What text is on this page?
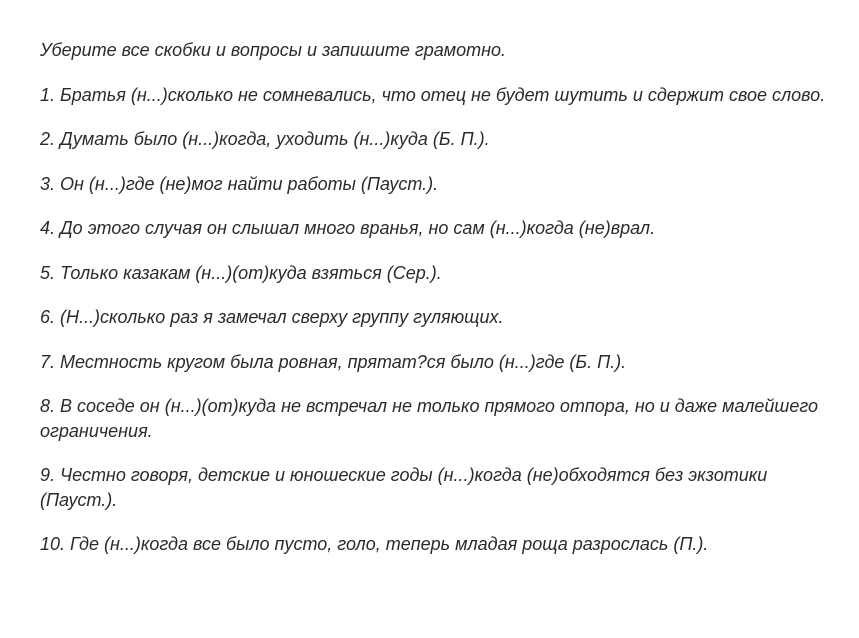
Уберите все скобки и вопросы и запишите грамотно.

1. Братья (н...)сколько не сомневались, что отец не будет шутить и сдержит свое слово.

2. Думать было (н...)когда, уходить (н...)куда (Б. П.).

3. Он (н...)где (не)мог найти работы (Пауст.).

4. До этого случая он слышал много вранья, но сам (н...)когда (не)врал.

5. Только казакам (н...)(от)куда взяться (Сер.).

6. (Н...)сколько раз я замечал сверху группу гуляющих.

7. Местность кругом была ровная, прятат?ся было (н...)где (Б. П.).

8. В соседе он (н...)(от)куда не встречал не только прямого отпора, но и даже малейшего ограничения.

9. Честно говоря, детские и юношеские годы (н...)когда (не)обходятся без экзотики (Пауст.).

10. Где (н...)когда все было пусто, голо, теперь младая роща разрослась (П.).
